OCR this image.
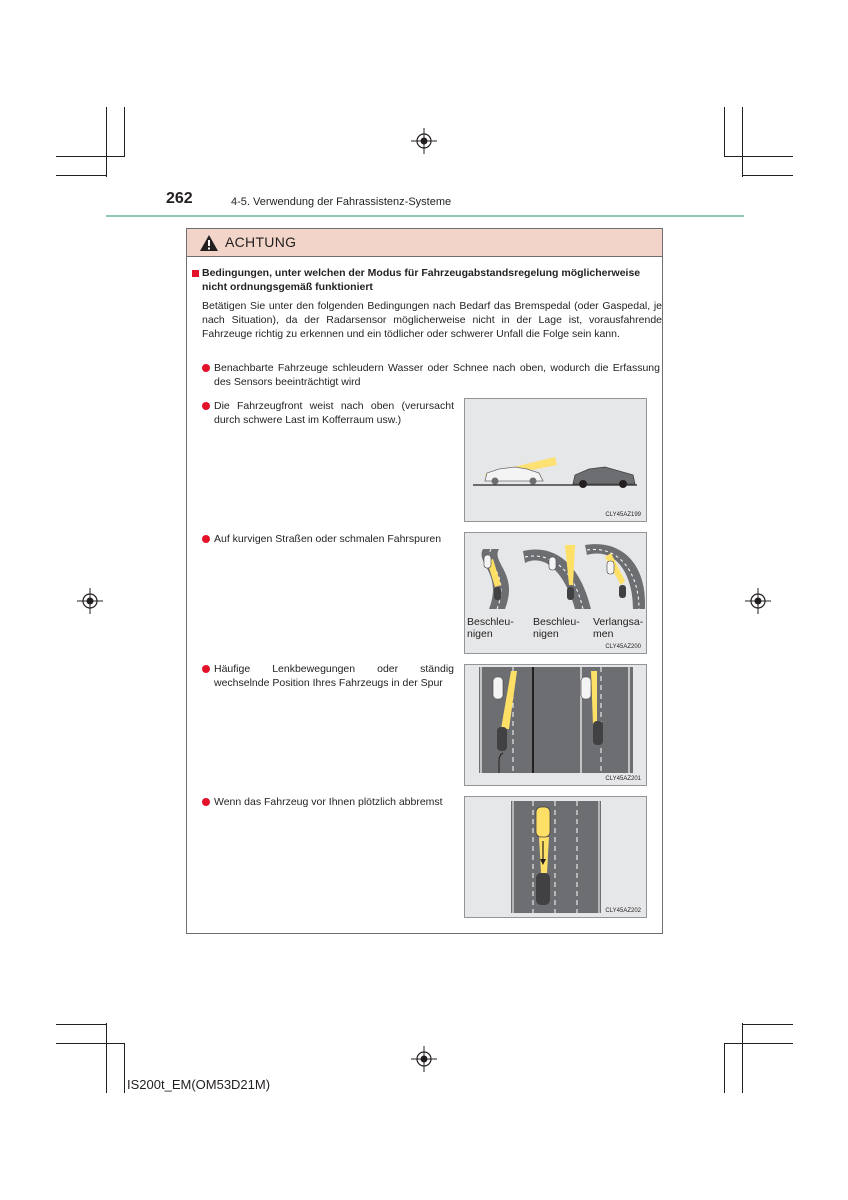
262	4-5. Verwendung der Fahrassistenz-Systeme
ACHTUNG
Bedingungen, unter welchen der Modus für Fahrzeugabstandsregelung möglicherweise nicht ordnungsgemäß funktioniert
Betätigen Sie unter den folgenden Bedingungen nach Bedarf das Bremspedal (oder Gaspedal, je nach Situation), da der Radarsensor möglicherweise nicht in der Lage ist, vorausfahrende Fahrzeuge richtig zu erkennen und ein tödlicher oder schwerer Unfall die Folge sein kann.
Benachbarte Fahrzeuge schleudern Wasser oder Schnee nach oben, wodurch die Erfassung des Sensors beeinträchtigt wird
Die Fahrzeugfront weist nach oben (verursacht durch schwere Last im Kofferraum usw.)
Auf kurvigen Straßen oder schmalen Fahrspuren
Häufige Lenkbewegungen oder ständig wechselnde Position Ihres Fahrzeugs in der Spur
Wenn das Fahrzeug vor Ihnen plötzlich abbremst
CLY45AZ199
Beschleu-
nigen
Beschleu-
nigen
Verlangsa-
men
CLY45AZ200
CLY45AZ201
CLY45AZ202
IS200t_EM(OM53D21M)
